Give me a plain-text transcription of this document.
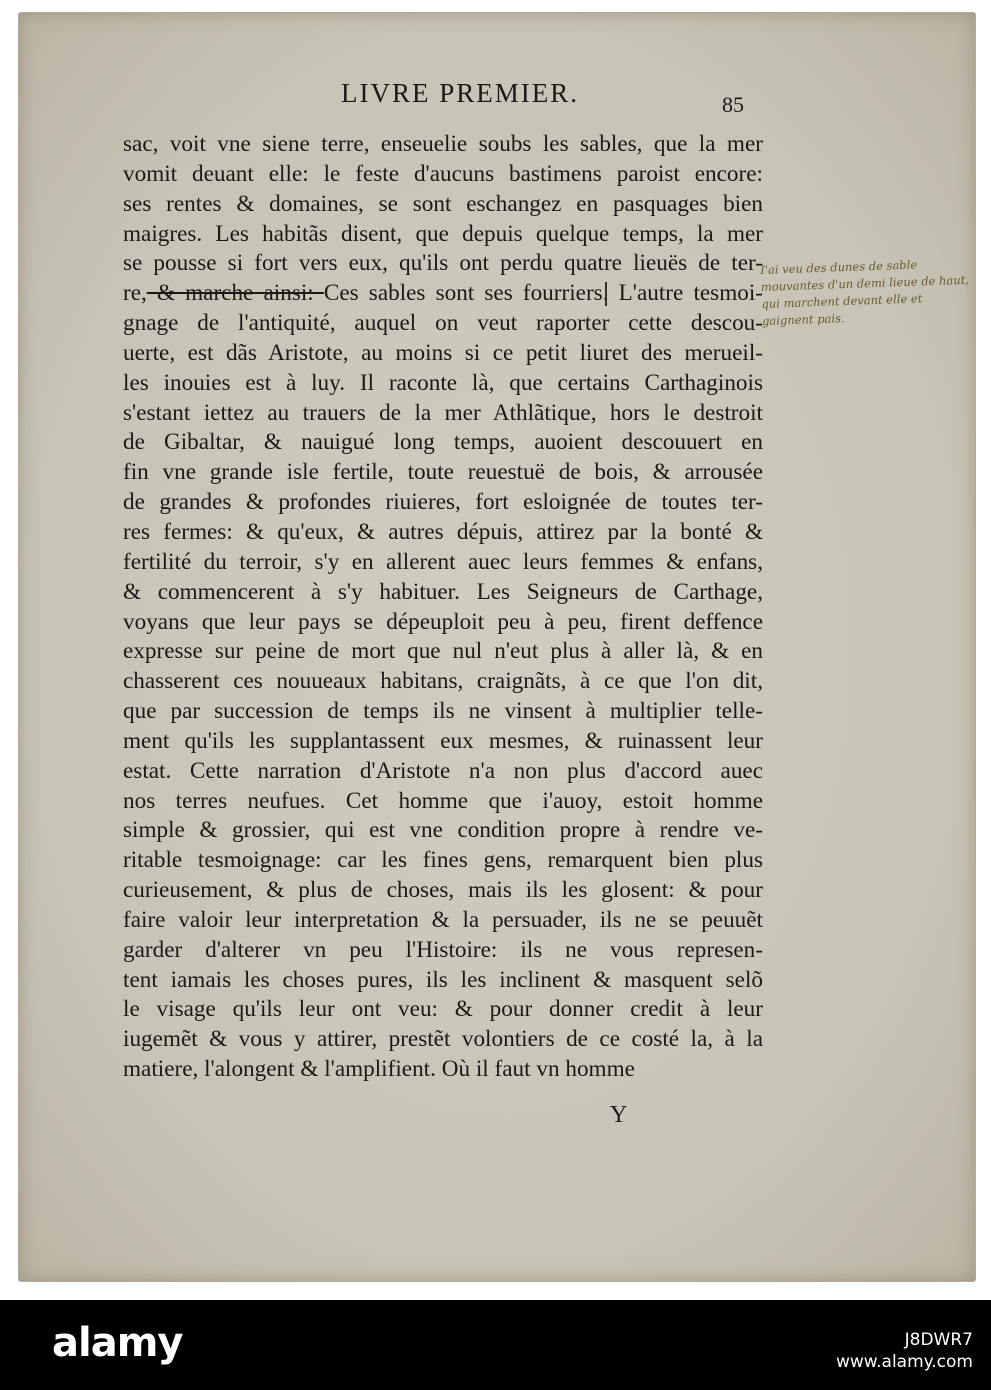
LIVRE PREMIER.	85
sac, voit vne siene terre, enseuelie soubs les sables, que la mer
vomit deuant elle: le feste d'aucuns bastimens paroist encore:
ses rentes & domaines, se sont eschangez en pasquages bien
maigres. Les habitãs disent, que depuis quelque temps, la mer
se pousse si fort vers eux, qu'ils ont perdu quatre lieuës de ter-
re, & marche ainsi: Ces sables sont ses fourriers. L'autre tesmoi-
gnage de l'antiquité, auquel on veut raporter cette descou-
uerte, est dãs Aristote, au moins si ce petit liuret des merueil-
les inouies est à luy. Il raconte là, que certains Carthaginois
s'estant iettez au trauers de la mer Athlãtique, hors le destroit
de Gibaltar, & nauigué long temps, auoient descouuert en
fin vne grande isle fertile, toute reuestuë de bois, & arrousée
de grandes & profondes riuieres, fort esloignée de toutes ter-
res fermes: & qu'eux, & autres dépuis, attirez par la bonté &
fertilité du terroir, s'y en allerent auec leurs femmes & enfans,
& commencerent à s'y habituer. Les Seigneurs de Carthage,
voyans que leur pays se dépeuploit peu à peu, firent deffence
expresse sur peine de mort que nul n'eut plus à aller là, & en
chasserent ces nouueaux habitans, craignãts, à ce que l'on dit,
que par succession de temps ils ne vinsent à multiplier telle-
ment qu'ils les supplantassent eux mesmes, & ruinassent leur
estat. Cette narration d'Aristote n'a non plus d'accord auec
nos terres neufues. Cet homme que i'auoy, estoit homme
simple & grossier, qui est vne condition propre à rendre ve-
ritable tesmoignage: car les fines gens, remarquent bien plus
curieusement, & plus de choses, mais ils les glosent: & pour
faire valoir leur interpretation & la persuader, ils ne se peuuẽt
garder d'alterer vn peu l'Histoire: ils ne vous represen-
tent iamais les choses pures, ils les inclinent & masquent selõ
le visage qu'ils leur ont veu: & pour donner credit à leur
iugemẽt & vous y attirer, prestẽt volontiers de ce costé la, à la
matiere, l'alongent & l'amplifient. Où il faut vn homme
I'ai veu des dunes de sable mouvantes d'un demi lieue de haut, qui marchent devant elle et gaignent pais.
Y
alamy	J8DWR7
www.alamy.com
